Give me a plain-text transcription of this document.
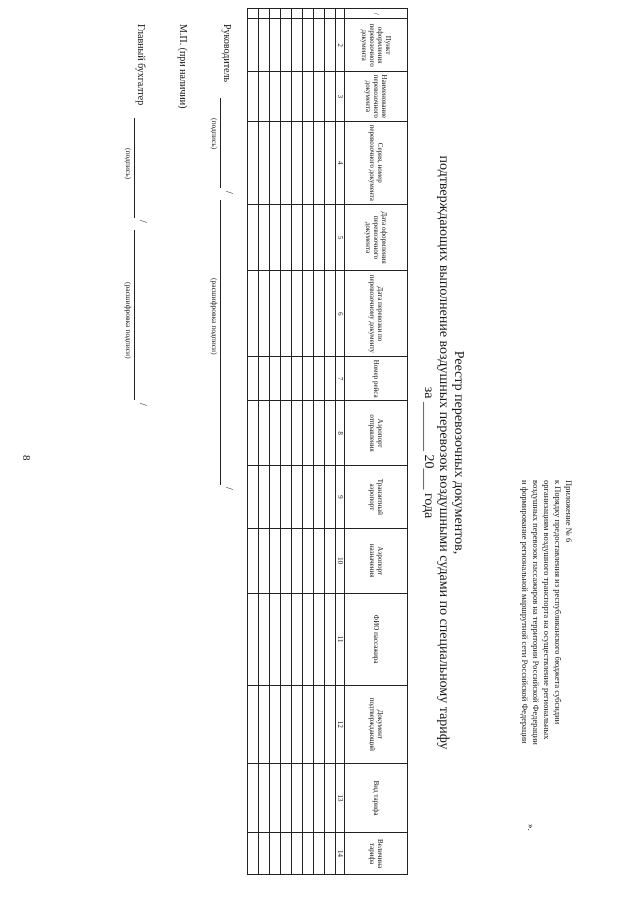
Приложение № 6
к Порядку предоставления из республиканского бюджета субсидии
организациям воздушного транспорта на осуществление региональных
воздушных перевозок пассажиров на территории Российской Федерации
и формирование региональной маршрутной сети Российской Федерации
Реестр перевозочных документов,
подтверждающих выполнение воздушных перевозок воздушными судами по специальному тарифу
за _______ 20___ года
/	Пункт оформления перевозочного документа	Наименование перевозочного документа	Серия, номер перевозочного документа	Дата оформления перевозочного документа	Дата перевозки по перевозочному документу	Номер рейса	Аэропорт отправления	Транзитный аэропорт	Аэропорт назначения	ФИО пассажира	Документ подтверждающий	Вид тарифа	Величина тарифа
	2	3	4	5	6	7	8	9	10	11	12	13	14

Руководитель
/
/
(подпись)
(расшифровка подписи)
М.П. (при наличии)
Главный бухгалтер
/
/
(подпись)
(расшифровка подписи)
».
8
